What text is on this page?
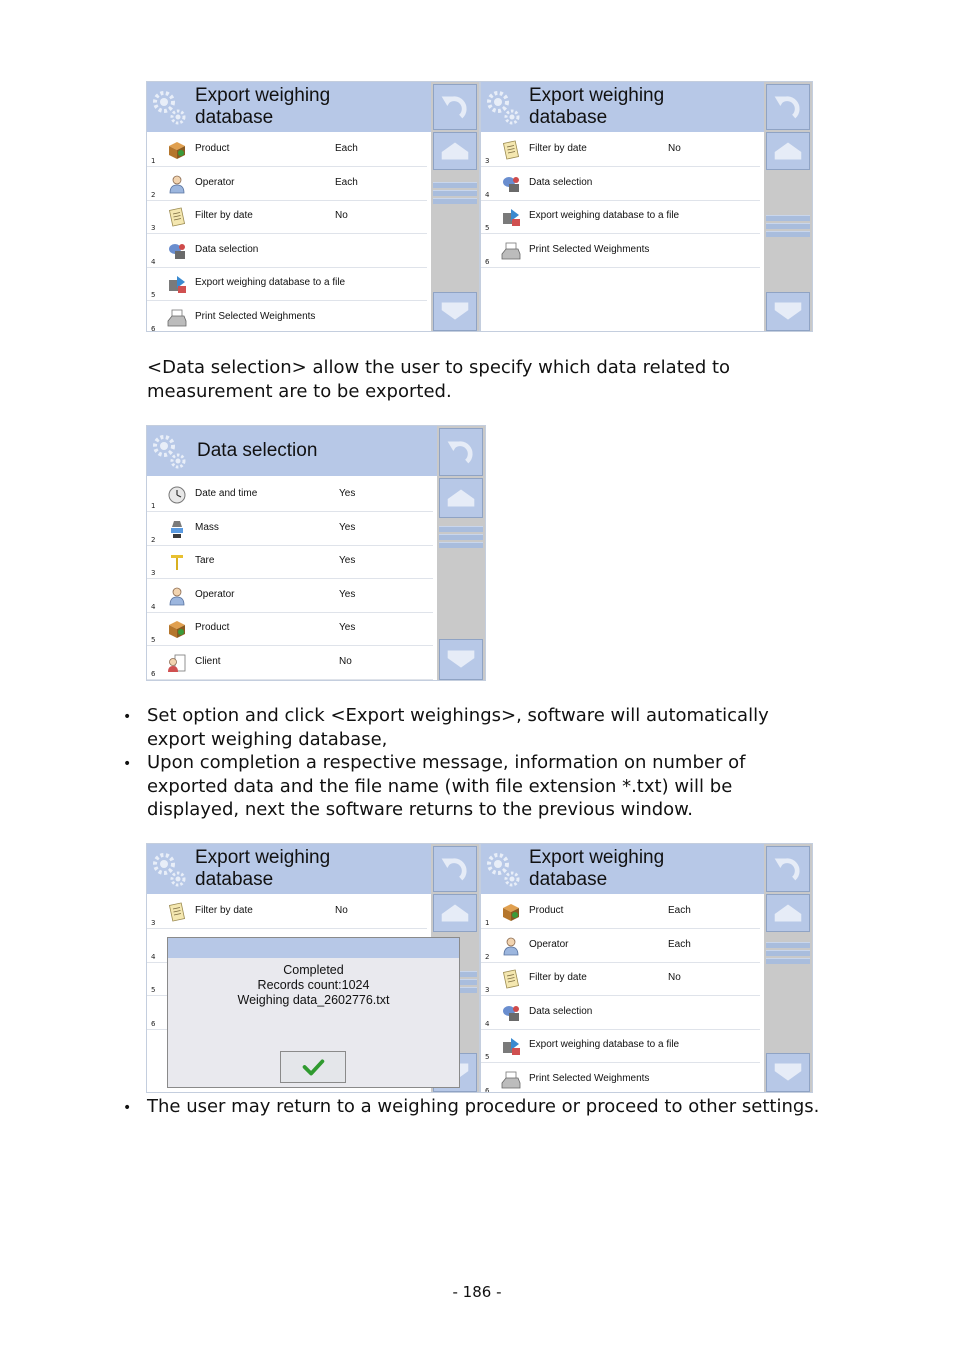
Export weighing
database
1
Product	Each
2
Operator	Each
3
Filter by date	No
4
Data selection
5
Export weighing database to a file
6
Print Selected Weighments
Export weighing
database
3
Filter by date	No
4
Data selection
5
Export weighing database to a file
6
Print Selected Weighments
<Data selection> allow the user to specify which data related to
measurement are to be exported.
Data selection
1
Date and time	Yes
2
Mass	Yes
3
Tare	Yes
4
Operator	Yes
5
Product	Yes
6
Client	No
• Set option and click <Export weighings>, software will automatically
export weighing database,
• Upon completion a respective message, information on number of
exported data and the file name (with file extension *.txt) will be
displayed, next the software returns to the previous window.
Export weighing
database
3
Filter by date	No
4
5
6
Completed
Records count:1024
Weighing data_2602776.txt
Export weighing
database
1
Product	Each
2
Operator	Each
3
Filter by date	No
4
Data selection
5
Export weighing database to a file
6
Print Selected Weighments
• The user may return to a weighing procedure or proceed to other settings.
- 186 -
